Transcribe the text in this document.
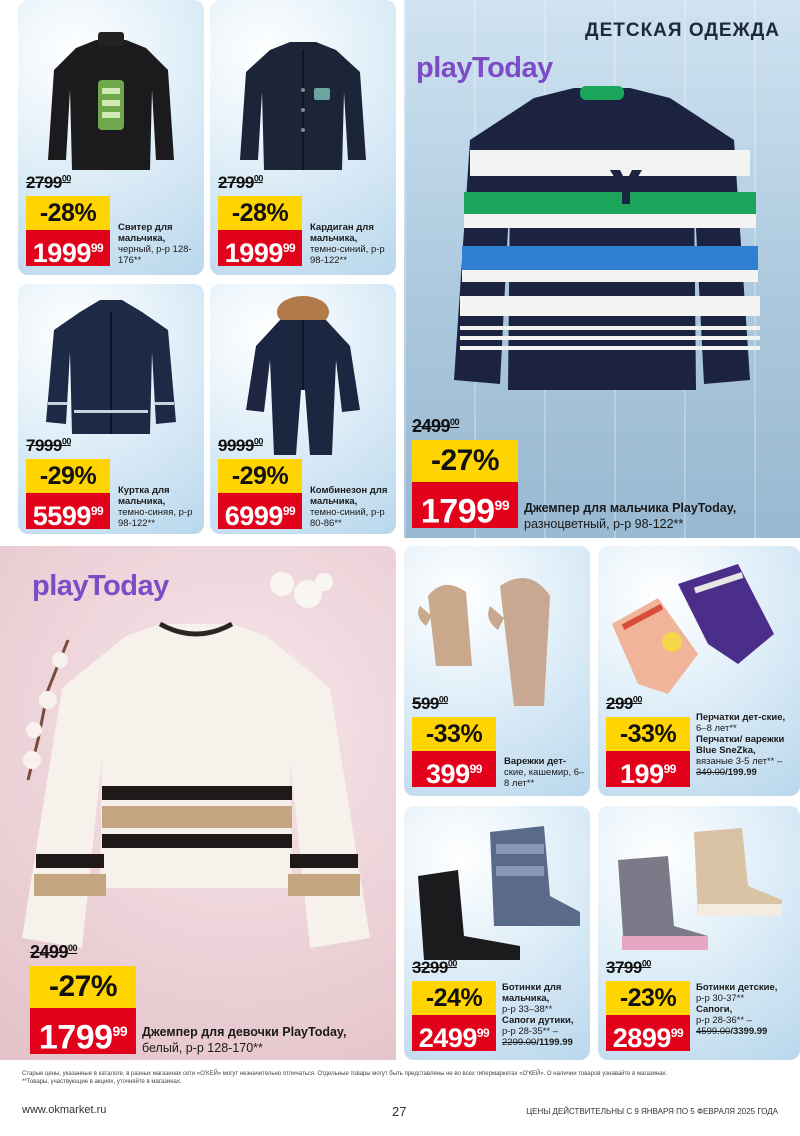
2799$^{00}$
-28%
1999$^{99}$
Свитер для мальчика,
черный, р-р 128-176**
2799$^{00}$
-28%
1999$^{99}$
Кардиган для мальчика,
темно-синий, р-р 98-122**
7999$^{00}$
-29%
5599$^{99}$
Куртка для мальчика,
темно-синяя, р-р 98-122**
9999$^{00}$
-29%
6999$^{99}$
Комбинезон для мальчика,
темно-синий, р-р 80-86**
ДЕТСКАЯ ОДЕЖДА
playToday
2499$^{00}$
-27%
1799$^{99}$	Джемпер для мальчика PlayToday,
разноцветный, р-р 98-122**
playToday
2499$^{00}$
-27%
1799$^{99}$	Джемпер для девочки PlayToday,
белый, р-р 128-170**
$599^{00}$
-33%
$399^{99}$
Варежки дет-
ские, кашемир, 6–8 лет**
$299^{00}$
-33%
$199^{99}$
Перчатки дет-ские,
6–8 лет**
Перчатки/ варежки Blue SneZka,
вязаные 3-5 лет** –
349.00/199.99
3299$^{00}$
-24%
2499$^{99}$
Ботинки для мальчика,
р-р 33–38**
Сапоги дутики,
р-р 28-35** –
2299.00/1199.99
3799$^{00}$
-23%
2899$^{99}$
Ботинки детские,
р-р 30-37**
Сапоги,
р-р 28-36** –
4599.00/3399.99
Старые цены, указанные в каталоге, в разных магазинах сети «О'КЕЙ» могут незначительно отличаться. Отдельные товары могут быть представлены не во всех гипермаркетах «О'КЕЙ». О наличии товаров узнавайте в магазинах.
**Товары, участвующие в акциях, уточняйте в магазинах.
www.okmarket.ru	27	ЦЕНЫ ДЕЙСТВИТЕЛЬНЫ С 9 ЯНВАРЯ ПО 5 ФЕВРАЛЯ 2025 ГОДА
